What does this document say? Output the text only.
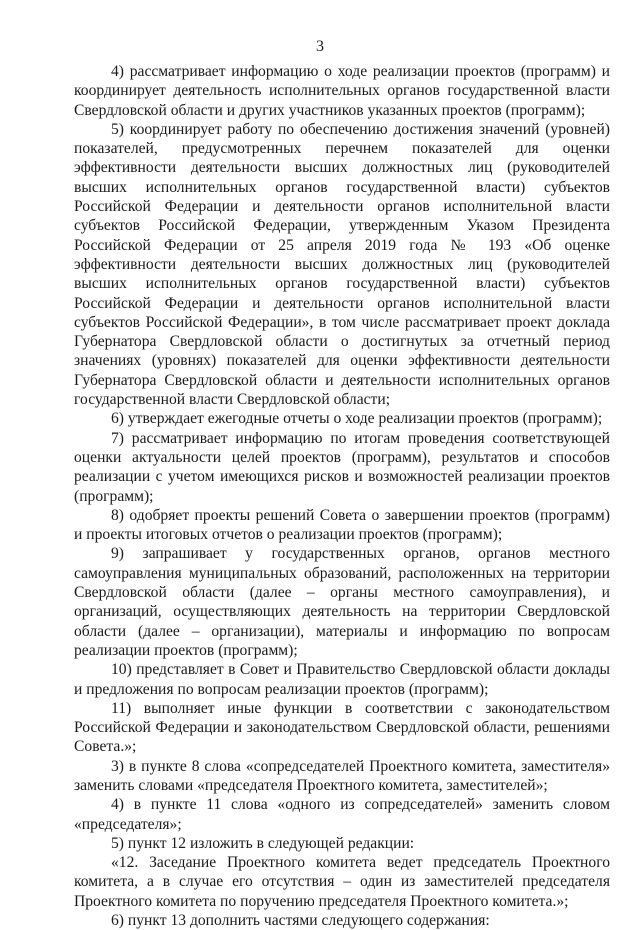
3

4) рассматривает информацию о ходе реализации проектов (программ) и координирует деятельность исполнительных органов государственной власти Свердловской области и других участников указанных проектов (программ);

5) координирует работу по обеспечению достижения значений (уровней) показателей, предусмотренных перечнем показателей для оценки эффективности деятельности высших должностных лиц (руководителей высших исполнительных органов государственной власти) субъектов Российской Федерации и деятельности органов исполнительной власти субъектов Российской Федерации, утвержденным Указом Президента Российской Федерации от 25 апреля 2019 года № 193 «Об оценке эффективности деятельности высших должностных лиц (руководителей высших исполнительных органов государственной власти) субъектов Российской Федерации и деятельности органов исполнительной власти субъектов Российской Федерации», в том числе рассматривает проект доклада Губернатора Свердловской области о достигнутых за отчетный период значениях (уровнях) показателей для оценки эффективности деятельности Губернатора Свердловской области и деятельности исполнительных органов государственной власти Свердловской области;

6) утверждает ежегодные отчеты о ходе реализации проектов (программ);

7) рассматривает информацию по итогам проведения соответствующей оценки актуальности целей проектов (программ), результатов и способов реализации с учетом имеющихся рисков и возможностей реализации проектов (программ);

8) одобряет проекты решений Совета о завершении проектов (программ) и проекты итоговых отчетов о реализации проектов (программ);

9) запрашивает у государственных органов, органов местного самоуправления муниципальных образований, расположенных на территории Свердловской области (далее – органы местного самоуправления), и организаций, осуществляющих деятельность на территории Свердловской области (далее – организации), материалы и информацию по вопросам реализации проектов (программ);

10) представляет в Совет и Правительство Свердловской области доклады и предложения по вопросам реализации проектов (программ);

11) выполняет иные функции в соответствии с законодательством Российской Федерации и законодательством Свердловской области, решениями Совета.»;

3) в пункте 8 слова «сопредседателей Проектного комитета, заместителя» заменить словами «председателя Проектного комитета, заместителей»;

4) в пункте 11 слова «одного из сопредседателей» заменить словом «председателя»;

5) пункт 12 изложить в следующей редакции:

«12. Заседание Проектного комитета ведет председатель Проектного комитета, а в случае его отсутствия – один из заместителей председателя Проектного комитета по поручению председателя Проектного комитета.»;

6) пункт 13 дополнить частями следующего содержания:
